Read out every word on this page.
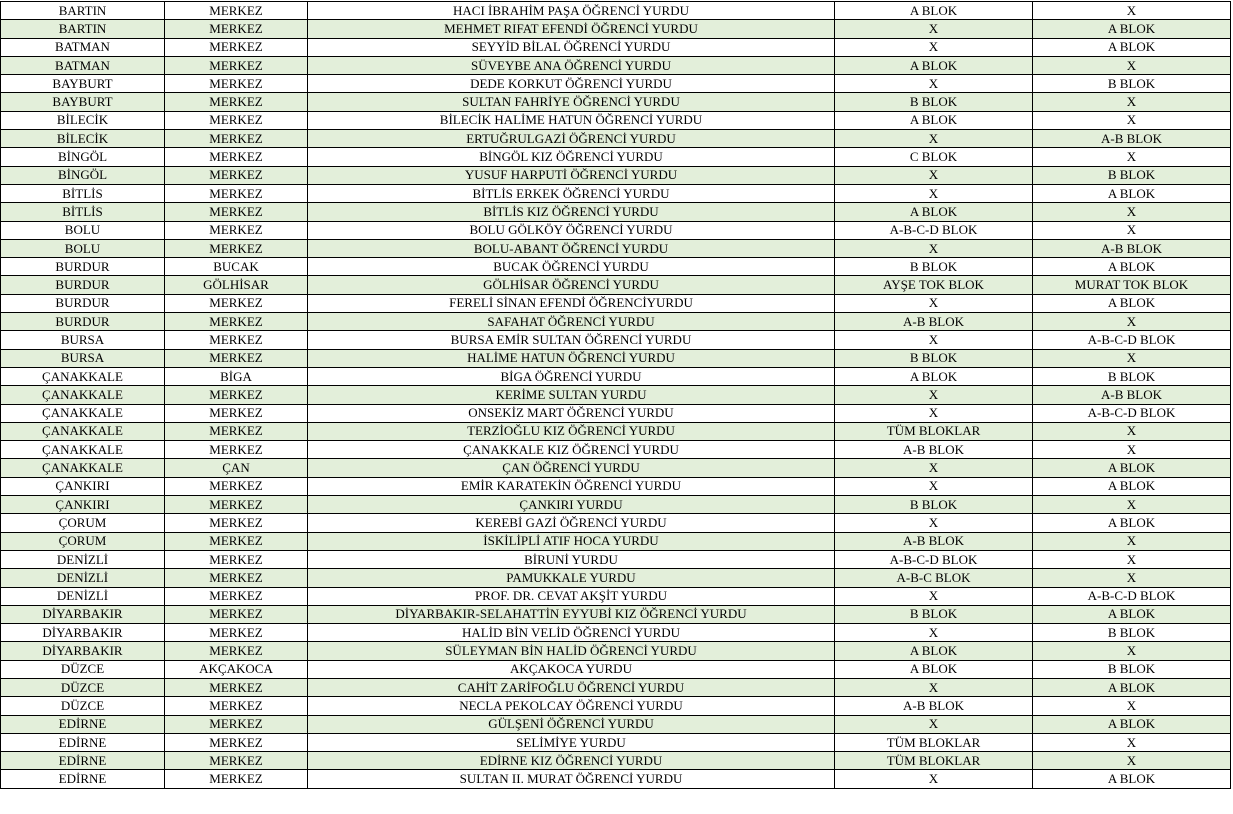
BARTIN	MERKEZ	HACI İBRAHİM PAŞA ÖĞRENCİ YURDU	A BLOK	X
BARTIN	MERKEZ	MEHMET RIFAT EFENDİ ÖĞRENCİ YURDU	X	A BLOK
BATMAN	MERKEZ	SEYYİD BİLAL ÖĞRENCİ YURDU	X	A BLOK
BATMAN	MERKEZ	SÜVEYBE ANA ÖĞRENCİ YURDU	A BLOK	X
BAYBURT	MERKEZ	DEDE KORKUT ÖĞRENCİ YURDU	X	B BLOK
BAYBURT	MERKEZ	SULTAN FAHRİYE ÖĞRENCİ YURDU	B BLOK	X
BİLECİK	MERKEZ	BİLECİK HALİME HATUN ÖĞRENCİ YURDU	A BLOK	X
BİLECİK	MERKEZ	ERTUĞRULGAZİ ÖĞRENCİ YURDU	X	A-B BLOK
BİNGÖL	MERKEZ	BİNGÖL KIZ ÖĞRENCİ YURDU	C BLOK	X
BİNGÖL	MERKEZ	YUSUF HARPUTİ ÖĞRENCİ YURDU	X	B BLOK
BİTLİS	MERKEZ	BİTLİS ERKEK ÖĞRENCİ YURDU	X	A BLOK
BİTLİS	MERKEZ	BİTLİS KIZ ÖĞRENCİ YURDU	A BLOK	X
BOLU	MERKEZ	BOLU GÖLKÖY ÖĞRENCİ YURDU	A-B-C-D BLOK	X
BOLU	MERKEZ	BOLU-ABANT ÖĞRENCİ YURDU	X	A-B BLOK
BURDUR	BUCAK	BUCAK ÖĞRENCİ YURDU	B BLOK	A BLOK
BURDUR	GÖLHİSAR	GÖLHİSAR ÖĞRENCİ YURDU	AYŞE TOK BLOK	MURAT TOK BLOK
BURDUR	MERKEZ	FERELİ SİNAN EFENDİ ÖĞRENCİYURDU	X	A BLOK
BURDUR	MERKEZ	SAFAHAT ÖĞRENCİ YURDU	A-B BLOK	X
BURSA	MERKEZ	BURSA EMİR SULTAN ÖĞRENCİ YURDU	X	A-B-C-D BLOK
BURSA	MERKEZ	HALİME HATUN ÖĞRENCİ YURDU	B BLOK	X
ÇANAKKALE	BİGA	BİGA ÖĞRENCİ YURDU	A BLOK	B BLOK
ÇANAKKALE	MERKEZ	KERİME SULTAN YURDU	X	A-B BLOK
ÇANAKKALE	MERKEZ	ONSEKİZ MART ÖĞRENCİ YURDU	X	A-B-C-D BLOK
ÇANAKKALE	MERKEZ	TERZİOĞLU KIZ ÖĞRENCİ YURDU	TÜM BLOKLAR	X
ÇANAKKALE	MERKEZ	ÇANAKKALE KIZ ÖĞRENCİ YURDU	A-B BLOK	X
ÇANAKKALE	ÇAN	ÇAN ÖĞRENCİ YURDU	X	A BLOK
ÇANKIRI	MERKEZ	EMİR KARATEKİN ÖĞRENCİ YURDU	X	A BLOK
ÇANKIRI	MERKEZ	ÇANKIRI YURDU	B BLOK	X
ÇORUM	MERKEZ	KEREBİ GAZİ ÖĞRENCİ YURDU	X	A BLOK
ÇORUM	MERKEZ	İSKİLİPLİ ATIF HOCA YURDU	A-B BLOK	X
DENİZLİ	MERKEZ	BİRUNİ YURDU	A-B-C-D BLOK	X
DENİZLİ	MERKEZ	PAMUKKALE YURDU	A-B-C BLOK	X
DENİZLİ	MERKEZ	PROF. DR. CEVAT AKŞİT YURDU	X	A-B-C-D BLOK
DİYARBAKIR	MERKEZ	DİYARBAKIR-SELAHATTİN EYYUBİ KIZ ÖĞRENCİ YURDU	B BLOK	A BLOK
DİYARBAKIR	MERKEZ	HALİD BİN VELİD ÖĞRENCİ YURDU	X	B BLOK
DİYARBAKIR	MERKEZ	SÜLEYMAN BİN HALİD ÖĞRENCİ YURDU	A BLOK	X
DÜZCE	AKÇAKOCA	AKÇAKOCA YURDU	A BLOK	B BLOK
DÜZCE	MERKEZ	CAHİT ZARİFOĞLU ÖĞRENCİ YURDU	X	A BLOK
DÜZCE	MERKEZ	NECLA PEKOLCAY ÖĞRENCİ YURDU	A-B BLOK	X
EDİRNE	MERKEZ	GÜLŞENİ ÖĞRENCİ YURDU	X	A BLOK
EDİRNE	MERKEZ	SELİMİYE YURDU	TÜM BLOKLAR	X
EDİRNE	MERKEZ	EDİRNE KIZ ÖĞRENCİ YURDU	TÜM BLOKLAR	X
EDİRNE	MERKEZ	SULTAN II. MURAT ÖĞRENCİ YURDU	X	A BLOK
